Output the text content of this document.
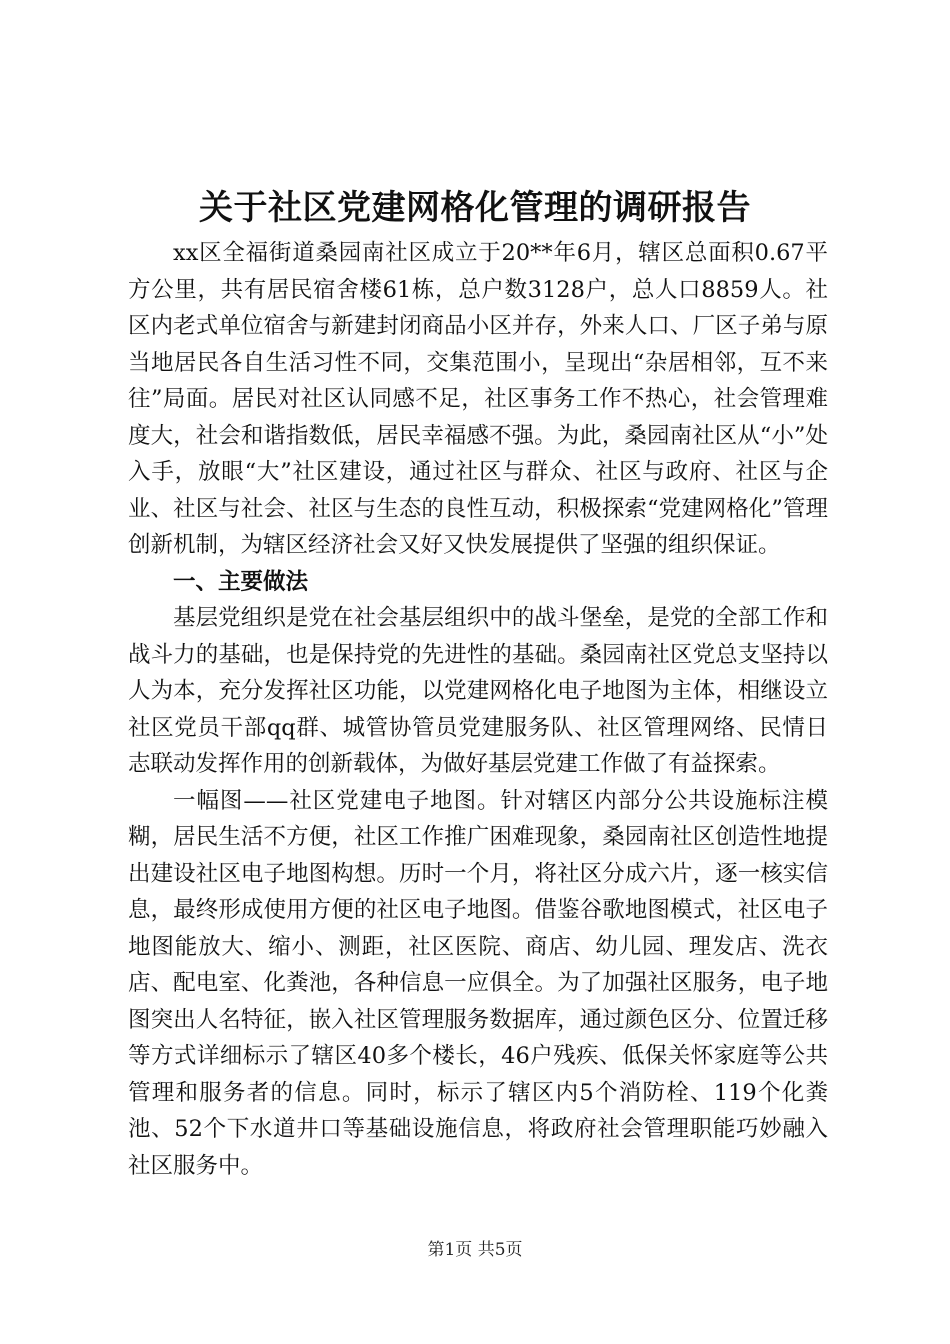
关于社区党建网格化管理的调研报告

xx区全福街道桑园南社区成立于20**年6月，辖区总面积0.67平方公里，共有居民宿舍楼61栋，总户数3128户，总人口8859人。社区内老式单位宿舍与新建封闭商品小区并存，外来人口、厂区子弟与原当地居民各自生活习性不同，交集范围小，呈现出“杂居相邻，互不来往”局面。居民对社区认同感不足，社区事务工作不热心，社会管理难度大，社会和谐指数低，居民幸福感不强。为此，桑园南社区从“小”处入手，放眼“大”社区建设，通过社区与群众、社区与政府、社区与企业、社区与社会、社区与生态的良性互动，积极探索“党建网格化”管理创新机制，为辖区经济社会又好又快发展提供了坚强的组织保证。

一、主要做法

基层党组织是党在社会基层组织中的战斗堡垒，是党的全部工作和战斗力的基础，也是保持党的先进性的基础。桑园南社区党总支坚持以人为本，充分发挥社区功能，以党建网格化电子地图为主体，相继设立社区党员干部qq群、城管协管员党建服务队、社区管理网络、民情日志联动发挥作用的创新载体，为做好基层党建工作做了有益探索。

一幅图——社区党建电子地图。针对辖区内部分公共设施标注模糊，居民生活不方便，社区工作推广困难现象，桑园南社区创造性地提出建设社区电子地图构想。历时一个月，将社区分成六片，逐一核实信息，最终形成使用方便的社区电子地图。借鉴谷歌地图模式，社区电子地图能放大、缩小、测距，社区医院、商店、幼儿园、理发店、洗衣店、配电室、化粪池，各种信息一应俱全。为了加强社区服务，电子地图突出人名特征，嵌入社区管理服务数据库，通过颜色区分、位置迁移等方式详细标示了辖区40多个楼长，46户残疾、低保关怀家庭等公共管理和服务者的信息。同时，标示了辖区内5个消防栓、119个化粪池、52个下水道井口等基础设施信息，将政府社会管理职能巧妙融入社区服务中。

第1页 共5页
